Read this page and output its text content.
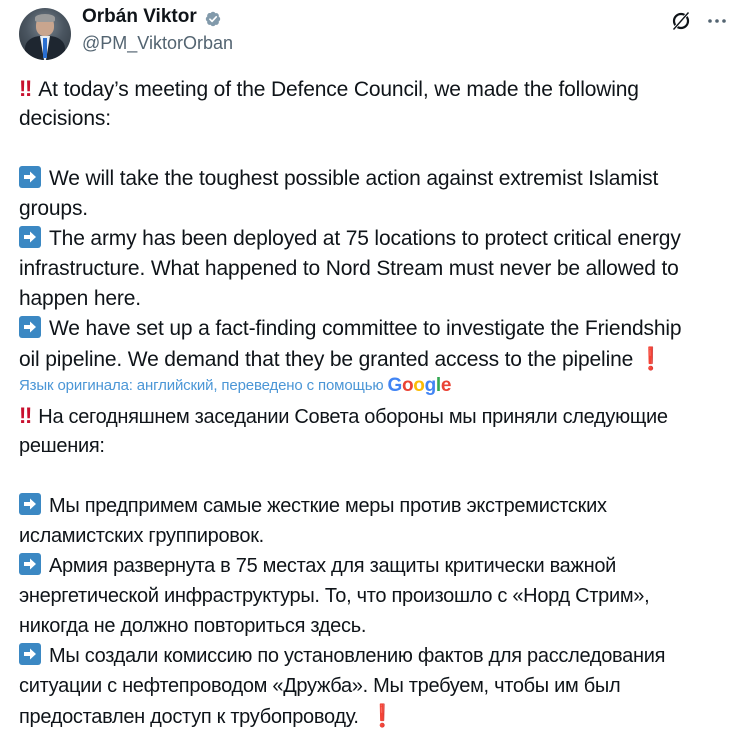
Orbán Viktor
@PM_ViktorOrban
‼ At today’s meeting of the Defence Council, we made the following
decisions:
We will take the toughest possible action against extremist Islamist
groups.
The army has been deployed at 75 locations to protect critical energy
infrastructure. What happened to Nord Stream must never be allowed to
happen here.
We have set up a fact-finding committee to investigate the Friendship
oil pipeline. We demand that they be granted access to the pipeline ❗
Язык оригинала: английский, переведено с помощью Google
‼ На сегодняшнем заседании Совета обороны мы приняли следующие
решения:
Мы предпримем самые жесткие меры против экстремистских
исламистских группировок.
Армия развернута в 75 местах для защиты критически важной
энергетической инфраструктуры. То, что произошло с «Норд Стрим»,
никогда не должно повториться здесь.
Мы создали комиссию по установлению фактов для расследования
ситуации с нефтепроводом «Дружба». Мы требуем, чтобы им был
предоставлен доступ к трубопроводу. ❗
